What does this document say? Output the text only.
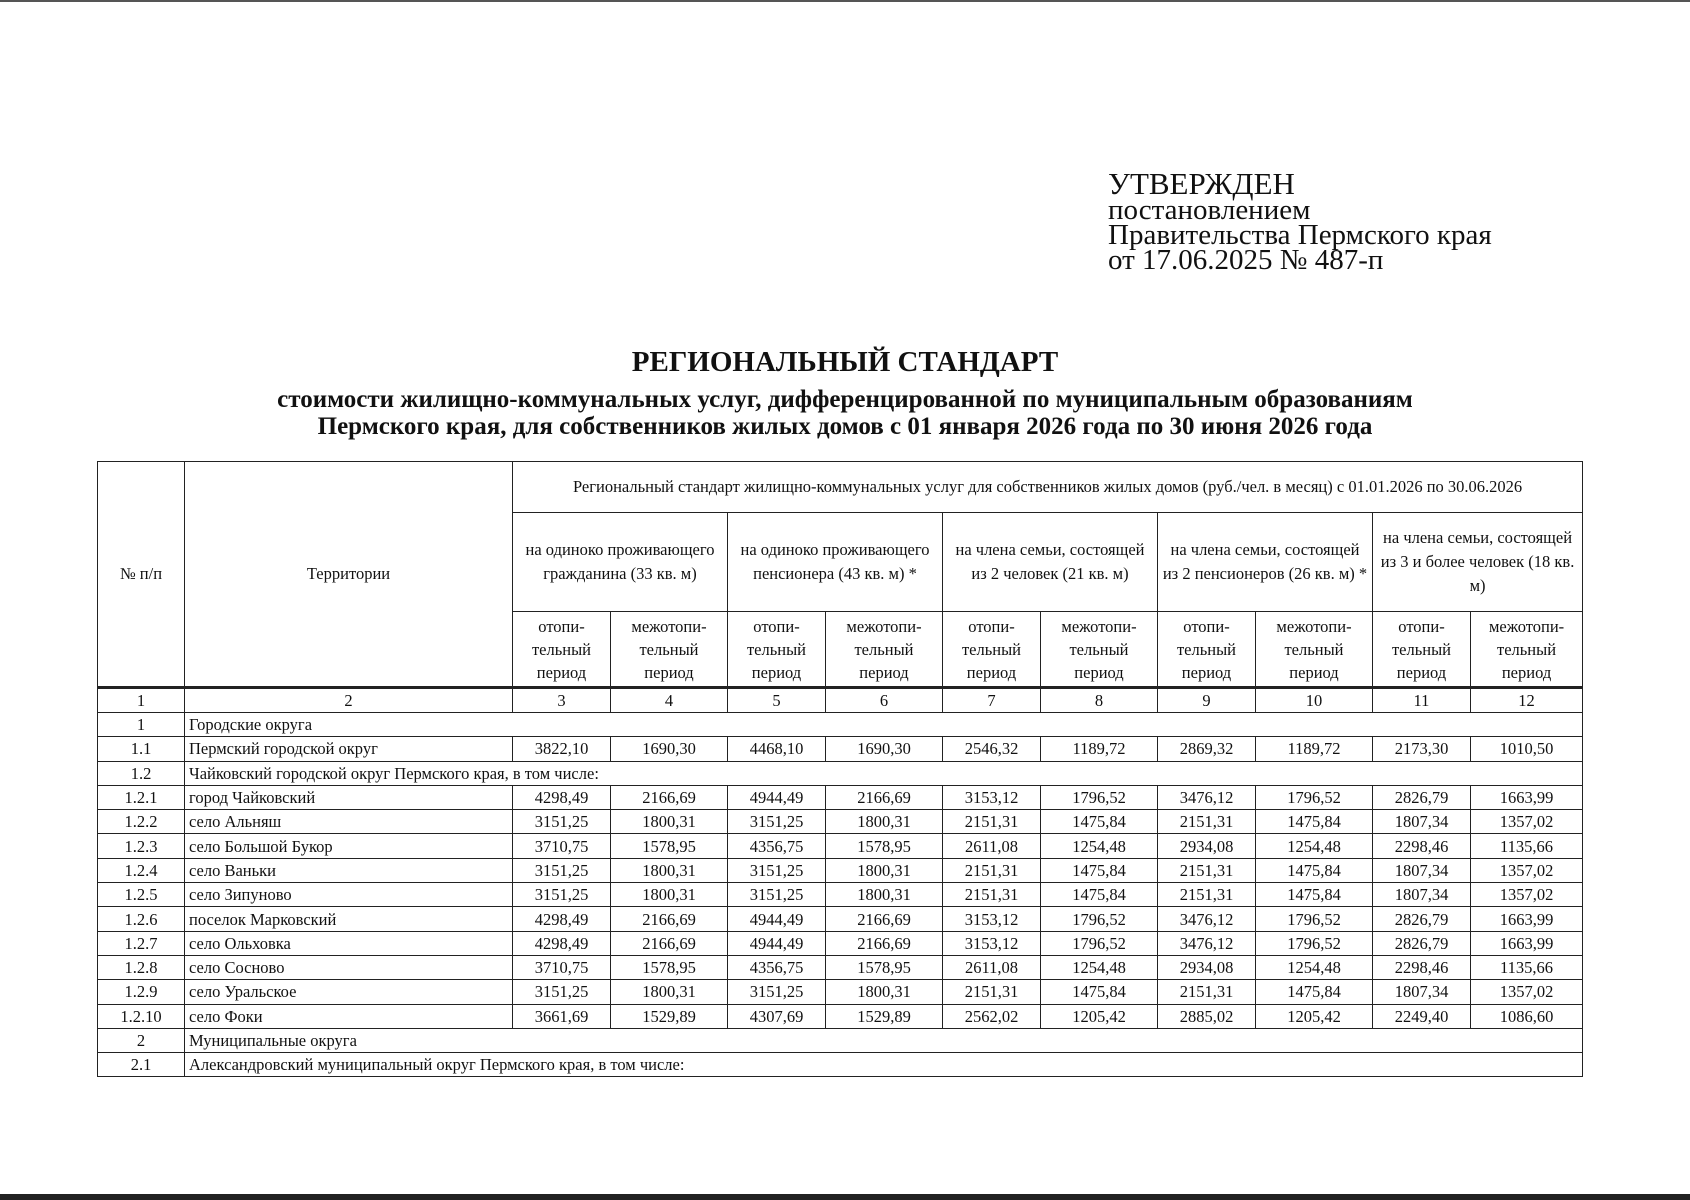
УТВЕРЖДЕН
постановлением
Правительства Пермского края
от 17.06.2025 № 487-п
РЕГИОНАЛЬНЫЙ СТАНДАРТ
стоимости жилищно-коммунальных услуг, дифференцированной по муниципальным образованиям
Пермского края, для собственников жилых домов с 01 января 2026 года по 30 июня 2026 года
№ п/п	Территории	Региональный стандарт жилищно-коммунальных услуг для собственников жилых домов (руб./чел. в месяц) с 01.01.2026 по 30.06.2026									
		на одиноко проживающего гражданина (33 кв. м)		на одиноко проживающего пенсионера (43 кв. м) *		на члена семьи, состоящей из 2 человек (21 кв. м)		на члена семьи, состоящей из 2 пенсионеров (26 кв. м) *		на члена семьи, состоящей из 3 и более человек (18 кв. м)	
		отопи- тельный период	межотопи- тельный период	отопи- тельный период	межотопи- тельный период	отопи- тельный период	межотопи- тельный период	отопи- тельный период	межотопи- тельный период	отопи- тельный период	межотопи- тельный период
1	2	3	4	5	6	7	8	9	10	11	12
1	Городские округа										
1.1	Пермский городской округ	3822,10	1690,30	4468,10	1690,30	2546,32	1189,72	2869,32	1189,72	2173,30	1010,50
1.2	Чайковский городской округ Пермского края, в том числе:										
1.2.1	город Чайковский	4298,49	2166,69	4944,49	2166,69	3153,12	1796,52	3476,12	1796,52	2826,79	1663,99
1.2.2	село Альняш	3151,25	1800,31	3151,25	1800,31	2151,31	1475,84	2151,31	1475,84	1807,34	1357,02
1.2.3	село Большой Букор	3710,75	1578,95	4356,75	1578,95	2611,08	1254,48	2934,08	1254,48	2298,46	1135,66
1.2.4	село Ваньки	3151,25	1800,31	3151,25	1800,31	2151,31	1475,84	2151,31	1475,84	1807,34	1357,02
1.2.5	село Зипуново	3151,25	1800,31	3151,25	1800,31	2151,31	1475,84	2151,31	1475,84	1807,34	1357,02
1.2.6	поселок Марковский	4298,49	2166,69	4944,49	2166,69	3153,12	1796,52	3476,12	1796,52	2826,79	1663,99
1.2.7	село Ольховка	4298,49	2166,69	4944,49	2166,69	3153,12	1796,52	3476,12	1796,52	2826,79	1663,99
1.2.8	село Сосново	3710,75	1578,95	4356,75	1578,95	2611,08	1254,48	2934,08	1254,48	2298,46	1135,66
1.2.9	село Уральское	3151,25	1800,31	3151,25	1800,31	2151,31	1475,84	2151,31	1475,84	1807,34	1357,02
1.2.10	село Фоки	3661,69	1529,89	4307,69	1529,89	2562,02	1205,42	2885,02	1205,42	2249,40	1086,60
2	Муниципальные округа										
2.1	Александровский муниципальный округ Пермского края, в том числе:										
